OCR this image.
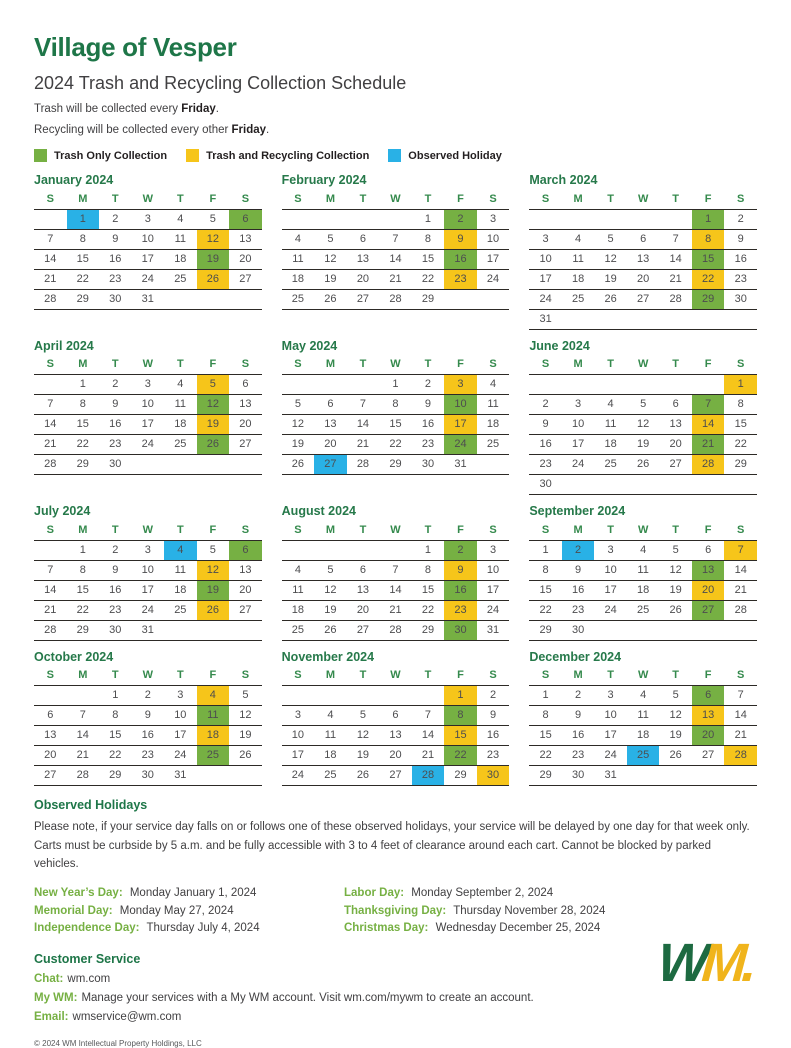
Village of Vesper
2024 Trash and Recycling Collection Schedule

Trash will be collected every Friday.

Recycling will be collected every other Friday.

Trash Only Collection	Trash and Recycling Collection	Observed Holiday
January 2024
S	M	T	W	T	F	S
	1	2	3	4	5	6
7	8	9	10	11	12	13
14	15	16	17	18	19	20
21	22	23	24	25	26	27
28	29	30	31			
February 2024
S	M	T	W	T	F	S
				1	2	3
4	5	6	7	8	9	10
11	12	13	14	15	16	17
18	19	20	21	22	23	24
25	26	27	28	29		
March 2024
S	M	T	W	T	F	S
					1	2
3	4	5	6	7	8	9
10	11	12	13	14	15	16
17	18	19	20	21	22	23
24	25	26	27	28	29	30
31						
April 2024
S	M	T	W	T	F	S
	1	2	3	4	5	6
7	8	9	10	11	12	13
14	15	16	17	18	19	20
21	22	23	24	25	26	27
28	29	30				
May 2024
S	M	T	W	T	F	S
			1	2	3	4
5	6	7	8	9	10	11
12	13	14	15	16	17	18
19	20	21	22	23	24	25
26	27	28	29	30	31	
June 2024
S	M	T	W	T	F	S
						1
2	3	4	5	6	7	8
9	10	11	12	13	14	15
16	17	18	19	20	21	22
23	24	25	26	27	28	29
30						
July 2024
S	M	T	W	T	F	S
	1	2	3	4	5	6
7	8	9	10	11	12	13
14	15	16	17	18	19	20
21	22	23	24	25	26	27
28	29	30	31			
August 2024
S	M	T	W	T	F	S
				1	2	3
4	5	6	7	8	9	10
11	12	13	14	15	16	17
18	19	20	21	22	23	24
25	26	27	28	29	30	31
September 2024
S	M	T	W	T	F	S
1	2	3	4	5	6	7
8	9	10	11	12	13	14
15	16	17	18	19	20	21
22	23	24	25	26	27	28
29	30					
October 2024
S	M	T	W	T	F	S
		1	2	3	4	5
6	7	8	9	10	11	12
13	14	15	16	17	18	19
20	21	22	23	24	25	26
27	28	29	30	31		
November 2024
S	M	T	W	T	F	S
					1	2
3	4	5	6	7	8	9
10	11	12	13	14	15	16
17	18	19	20	21	22	23
24	25	26	27	28	29	30
December 2024
S	M	T	W	T	F	S
1	2	3	4	5	6	7
8	9	10	11	12	13	14
15	16	17	18	19	20	21
22	23	24	25	26	27	28
29	30	31				
Observed Holidays

Please note, if your service day falls on or follows one of these observed holidays, your service will be delayed by one day for that week only. Carts must be curbside by 5 a.m. and be fully accessible with 3 to 4 feet of clearance around each cart. Cannot be blocked by parked vehicles.

New Year’s Day: Monday January 1, 2024

Memorial Day: Monday May 27, 2024

Independence Day: Thursday July 4, 2024

Labor Day: Monday September 2, 2024

Thanksgiving Day: Thursday November 28, 2024

Christmas Day: Wednesday December 25, 2024

Customer Service

Chat: wm.com

My WM: Manage your services with a My WM account. Visit wm.com/mywm to create an account.

Email: wmservice@wm.com

© 2024 WM Intellectual Property Holdings, LLC

WM.
